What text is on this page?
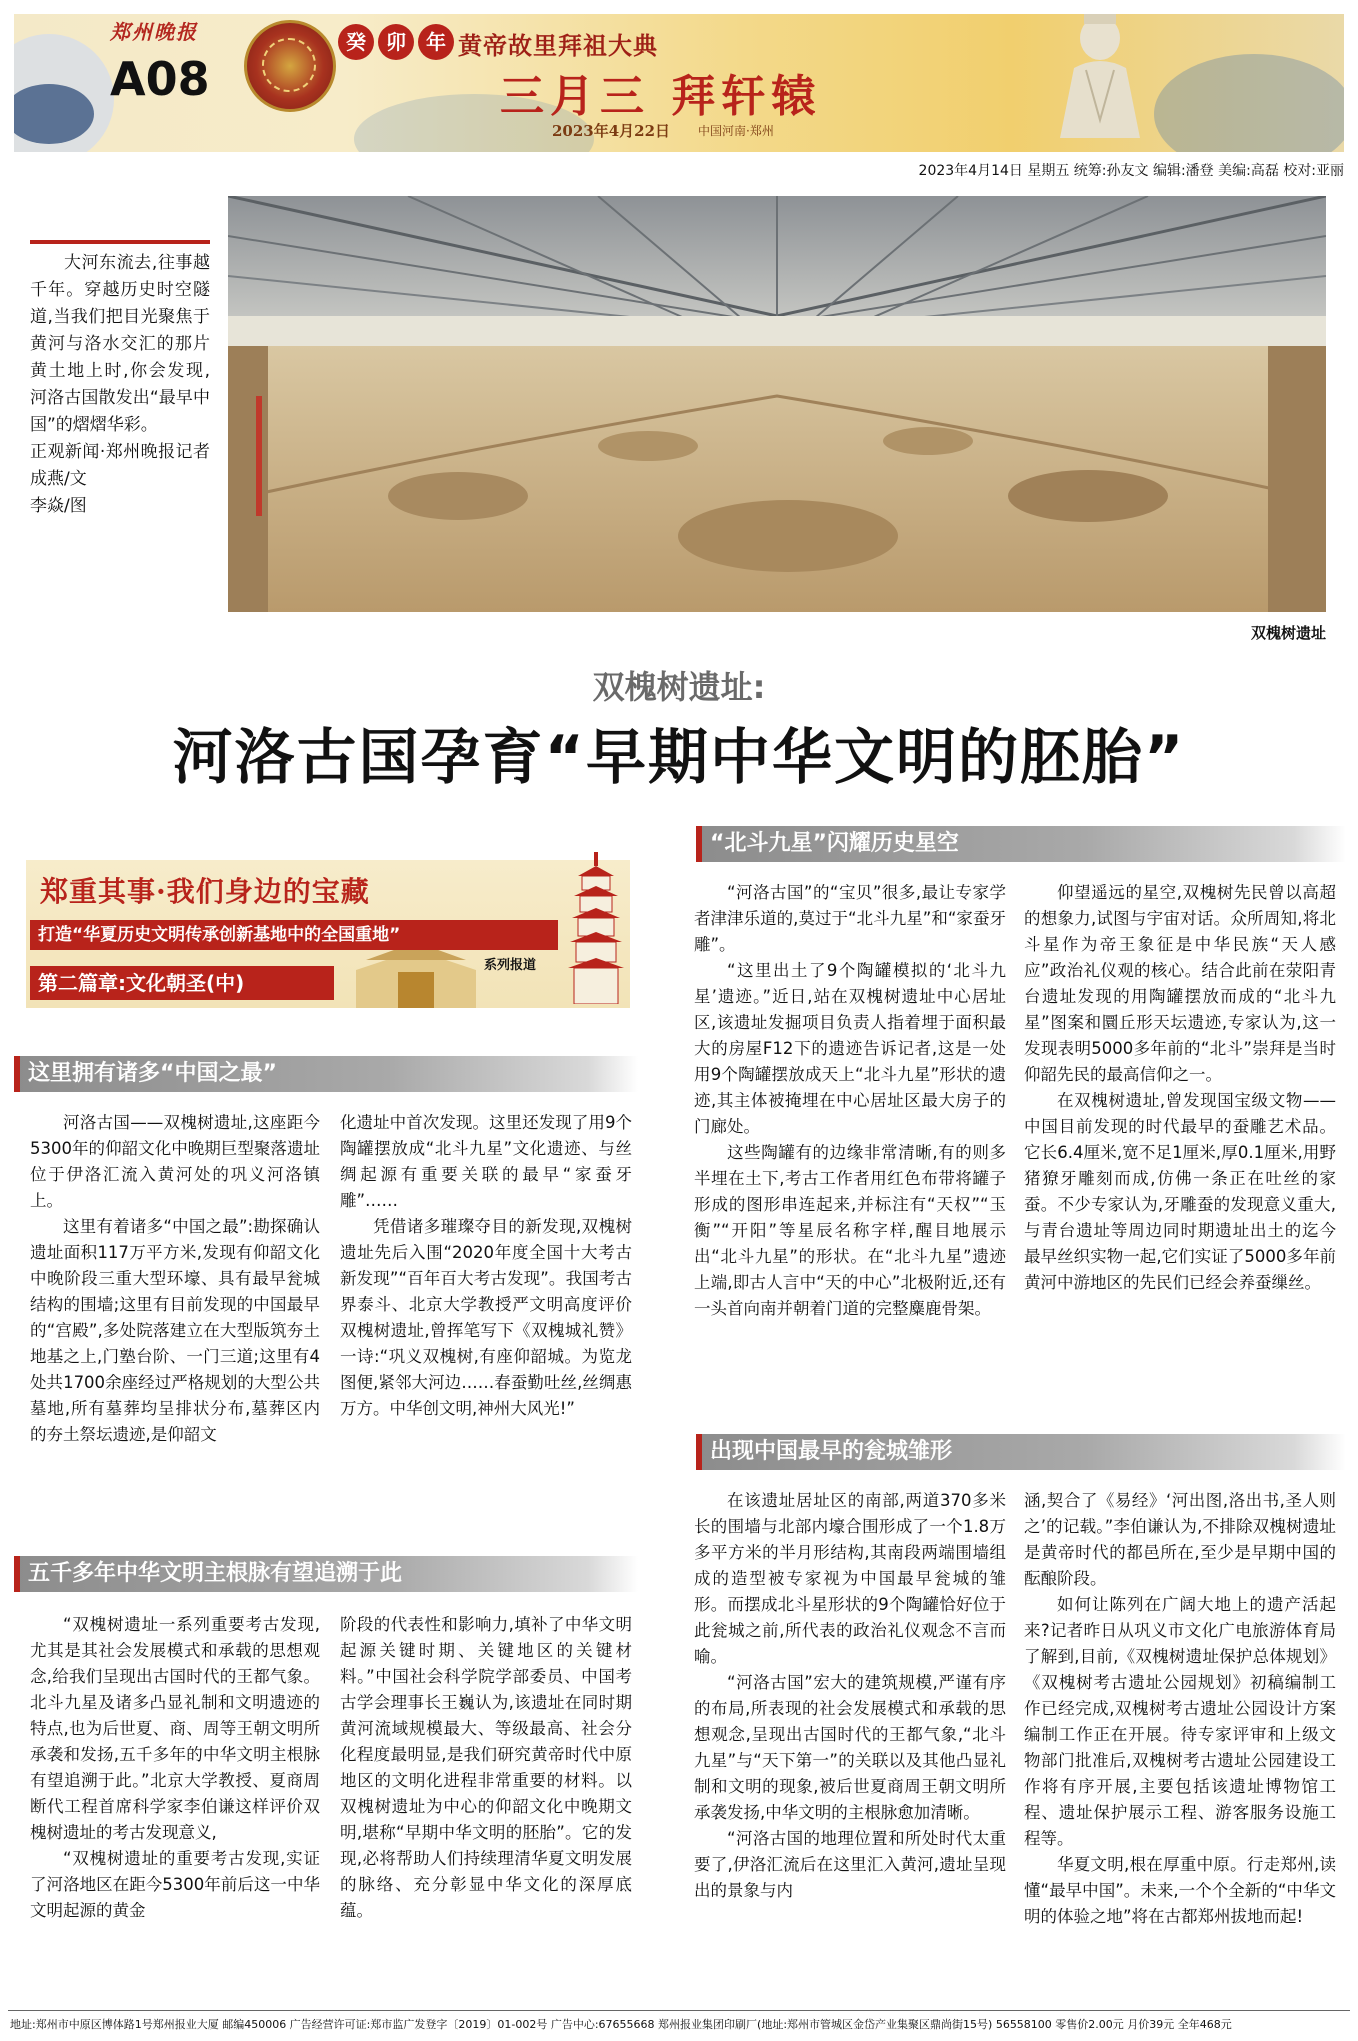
郑州晚报
A08
癸	卯	年 黄帝故里拜祖大典
三月三 拜轩辕
2023年4月22日 中国河南·郑州
2023年4月14日 星期五 统筹:孙友文 编辑:潘登 美编:高磊 校对:亚丽

大河东流去,往事越千年。穿越历史时空隧道,当我们把目光聚焦于黄河与洛水交汇的那片黄土地上时,你会发现,河洛古国散发出“最早中国”的熠熠华彩。

正观新闻·郑州晚报记者 成燕/文

李焱/图

双槐树遗址
双槐树遗址:
河洛古国孕育“早期中华文明的胚胎”
郑重其事·我们身边的宝藏
打造“华夏历史文明传承创新基地中的全国重地”
系列报道
第二篇章:文化朝圣(中)
这里拥有诸多“中国之最”

河洛古国——双槐树遗址,这座距今5300年的仰韶文化中晚期巨型聚落遗址位于伊洛汇流入黄河处的巩义河洛镇上。

这里有着诸多“中国之最”:勘探确认遗址面积117万平方米,发现有仰韶文化中晚阶段三重大型环壕、具有最早瓮城结构的围墙;这里有目前发现的中国最早的“宫殿”,多处院落建立在大型版筑夯土地基之上,门塾台阶、一门三道;这里有4处共1700余座经过严格规划的大型公共墓地,所有墓葬均呈排状分布,墓葬区内的夯土祭坛遗迹,是仰韶文

化遗址中首次发现。这里还发现了用9个陶罐摆放成“北斗九星”文化遗迹、与丝绸起源有重要关联的最早“家蚕牙雕”……

凭借诸多璀璨夺目的新发现,双槐树遗址先后入围“2020年度全国十大考古新发现”“百年百大考古发现”。我国考古界泰斗、北京大学教授严文明高度评价双槐树遗址,曾挥笔写下《双槐城礼赞》一诗:“巩义双槐树,有座仰韶城。为览龙图便,紧邻大河边……春蚕勤吐丝,丝绸惠万方。中华创文明,神州大风光!”

五千多年中华文明主根脉有望追溯于此

“双槐树遗址一系列重要考古发现,尤其是其社会发展模式和承载的思想观念,给我们呈现出古国时代的王都气象。北斗九星及诸多凸显礼制和文明遗迹的特点,也为后世夏、商、周等王朝文明所承袭和发扬,五千多年的中华文明主根脉有望追溯于此。”北京大学教授、夏商周断代工程首席科学家李伯谦这样评价双槐树遗址的考古发现意义,

“双槐树遗址的重要考古发现,实证了河洛地区在距今5300年前后这一中华文明起源的黄金

阶段的代表性和影响力,填补了中华文明起源关键时期、关键地区的关键材料。”中国社会科学院学部委员、中国考古学会理事长王巍认为,该遗址在同时期黄河流域规模最大、等级最高、社会分化程度最明显,是我们研究黄帝时代中原地区的文明化进程非常重要的材料。以双槐树遗址为中心的仰韶文化中晚期文明,堪称“早期中华文明的胚胎”。它的发现,必将帮助人们持续理清华夏文明发展的脉络、充分彰显中华文化的深厚底蕴。

“北斗九星”闪耀历史星空

“河洛古国”的“宝贝”很多,最让专家学者津津乐道的,莫过于“北斗九星”和“家蚕牙雕”。

“这里出土了9个陶罐模拟的‘北斗九星’遗迹。”近日,站在双槐树遗址中心居址区,该遗址发掘项目负责人指着埋于面积最大的房屋F12下的遗迹告诉记者,这是一处用9个陶罐摆放成天上“北斗九星”形状的遗迹,其主体被掩埋在中心居址区最大房子的门廊处。

这些陶罐有的边缘非常清晰,有的则多半埋在土下,考古工作者用红色布带将罐子形成的图形串连起来,并标注有“天权”“玉衡”“开阳”等星辰名称字样,醒目地展示出“北斗九星”的形状。在“北斗九星”遗迹上端,即古人言中“天的中心”北极附近,还有一头首向南并朝着门道的完整麋鹿骨架。

仰望遥远的星空,双槐树先民曾以高超的想象力,试图与宇宙对话。众所周知,将北斗星作为帝王象征是中华民族“天人感应”政治礼仪观的核心。结合此前在荥阳青台遗址发现的用陶罐摆放而成的“北斗九星”图案和圜丘形天坛遗迹,专家认为,这一发现表明5000多年前的“北斗”崇拜是当时仰韶先民的最高信仰之一。

在双槐树遗址,曾发现国宝级文物——中国目前发现的时代最早的蚕雕艺术品。它长6.4厘米,宽不足1厘米,厚0.1厘米,用野猪獠牙雕刻而成,仿佛一条正在吐丝的家蚕。不少专家认为,牙雕蚕的发现意义重大,与青台遗址等周边同时期遗址出土的迄今最早丝织实物一起,它们实证了5000多年前黄河中游地区的先民们已经会养蚕缫丝。

出现中国最早的瓮城雏形

在该遗址居址区的南部,两道370多米长的围墙与北部内壕合围形成了一个1.8万多平方米的半月形结构,其南段两端围墙组成的造型被专家视为中国最早瓮城的雏形。而摆成北斗星形状的9个陶罐恰好位于此瓮城之前,所代表的政治礼仪观念不言而喻。

“河洛古国”宏大的建筑规模,严谨有序的布局,所表现的社会发展模式和承载的思想观念,呈现出古国时代的王都气象,“北斗九星”与“天下第一”的关联以及其他凸显礼制和文明的现象,被后世夏商周王朝文明所承袭发扬,中华文明的主根脉愈加清晰。

“河洛古国的地理位置和所处时代太重要了,伊洛汇流后在这里汇入黄河,遗址呈现出的景象与内

涵,契合了《易经》‘河出图,洛出书,圣人则之’的记载。”李伯谦认为,不排除双槐树遗址是黄帝时代的都邑所在,至少是早期中国的酝酿阶段。

如何让陈列在广阔大地上的遗产活起来?记者昨日从巩义市文化广电旅游体育局了解到,目前,《双槐树遗址保护总体规划》《双槐树考古遗址公园规划》初稿编制工作已经完成,双槐树考古遗址公园设计方案编制工作正在开展。待专家评审和上级文物部门批准后,双槐树考古遗址公园建设工作将有序开展,主要包括该遗址博物馆工程、遗址保护展示工程、游客服务设施工程等。

华夏文明,根在厚重中原。行走郑州,读懂“最早中国”。未来,一个个全新的“中华文明的体验之地”将在古都郑州拔地而起!

地址:郑州市中原区博体路1号郑州报业大厦 邮编450006 广告经营许可证:郑市监广发登字〔2019〕01-002号 广告中心:67655668 郑州报业集团印刷厂(地址:郑州市管城区金岱产业集聚区鼎尚街15号) 56558100 零售价2.00元 月价39元 全年468元
